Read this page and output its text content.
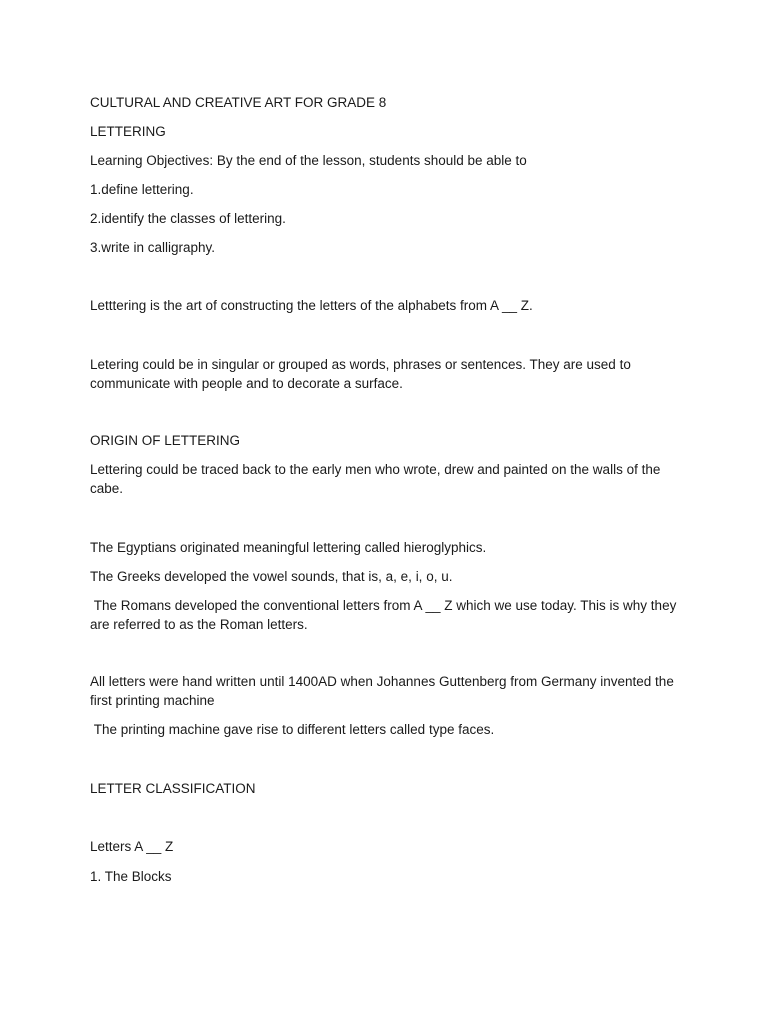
CULTURAL AND CREATIVE ART FOR GRADE 8

LETTERING

Learning Objectives: By the end of the lesson, students should be able to

1.define lettering.

2.identify the classes of lettering.

3.write in calligraphy.

Letttering is the art of constructing the letters of the alphabets from A __ Z.

Letering could be in singular or grouped as words, phrases or sentences. They are used to communicate with people and to decorate a surface.

ORIGIN OF LETTERING

Lettering could be traced back to the early men who wrote, drew and painted on the walls of the cabe.

The Egyptians originated meaningful lettering called hieroglyphics.

The Greeks developed the vowel sounds, that is, a, e, i, o, u.

The Romans developed the conventional letters from A __ Z which we use today. This is why they are referred to as the Roman letters.

All letters were hand written until 1400AD when Johannes Guttenberg from Germany invented the first printing machine

The printing machine gave rise to different letters called type faces.

LETTER CLASSIFICATION

Letters A __ Z

1. The Blocks
